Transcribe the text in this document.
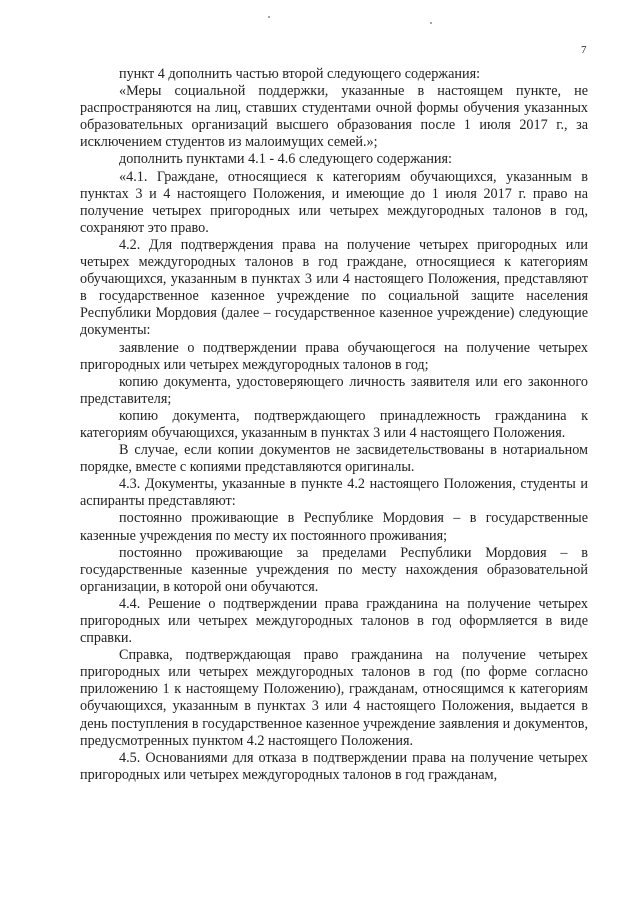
7

пункт 4 дополнить частью второй следующего содержания:

«Меры социальной поддержки, указанные в настоящем пункте, не распространяются на лиц, ставших студентами очной формы обучения указанных образовательных организаций высшего образования после 1 июля 2017 г., за исключением студентов из малоимущих семей.»;

дополнить пунктами 4.1 - 4.6 следующего содержания:

«4.1. Граждане, относящиеся к категориям обучающихся, указанным в пунктах 3 и 4 настоящего Положения, и имеющие до 1 июля 2017 г. право на получение четырех пригородных или четырех междугородных талонов в год, сохраняют это право.

4.2. Для подтверждения права на получение четырех пригородных или четырех междугородных талонов в год граждане, относящиеся к категориям обучающихся, указанным в пунктах 3 или 4 настоящего Положения, представляют в государственное казенное учреждение по социальной защите населения Республики Мордовия (далее – государственное казенное учреждение) следующие документы:

заявление о подтверждении права обучающегося на получение четырех пригородных или четырех междугородных талонов в год;

копию документа, удостоверяющего личность заявителя или его законного представителя;

копию документа, подтверждающего принадлежность гражданина к категориям обучающихся, указанным в пунктах 3 или 4 настоящего Положения.

В случае, если копии документов не засвидетельствованы в нотариальном порядке, вместе с копиями представляются оригиналы.

4.3. Документы, указанные в пункте 4.2 настоящего Положения, студенты и аспиранты представляют:

постоянно проживающие в Республике Мордовия – в государственные казенные учреждения по месту их постоянного проживания;

постоянно проживающие за пределами Республики Мордовия – в государственные казенные учреждения по месту нахождения образовательной организации, в которой они обучаются.

4.4. Решение о подтверждении права гражданина на получение четырех пригородных или четырех междугородных талонов в год оформляется в виде справки.

Справка, подтверждающая право гражданина на получение четырех пригородных или четырех междугородных талонов в год (по форме согласно приложению 1 к настоящему Положению), гражданам, относящимся к категориям обучающихся, указанным в пунктах 3 или 4 настоящего Положения, выдается в день поступления в государственное казенное учреждение заявления и документов, предусмотренных пунктом 4.2 настоящего Положения.

4.5. Основаниями для отказа в подтверждении права на получение четырех пригородных или четырех междугородных талонов в год гражданам,
